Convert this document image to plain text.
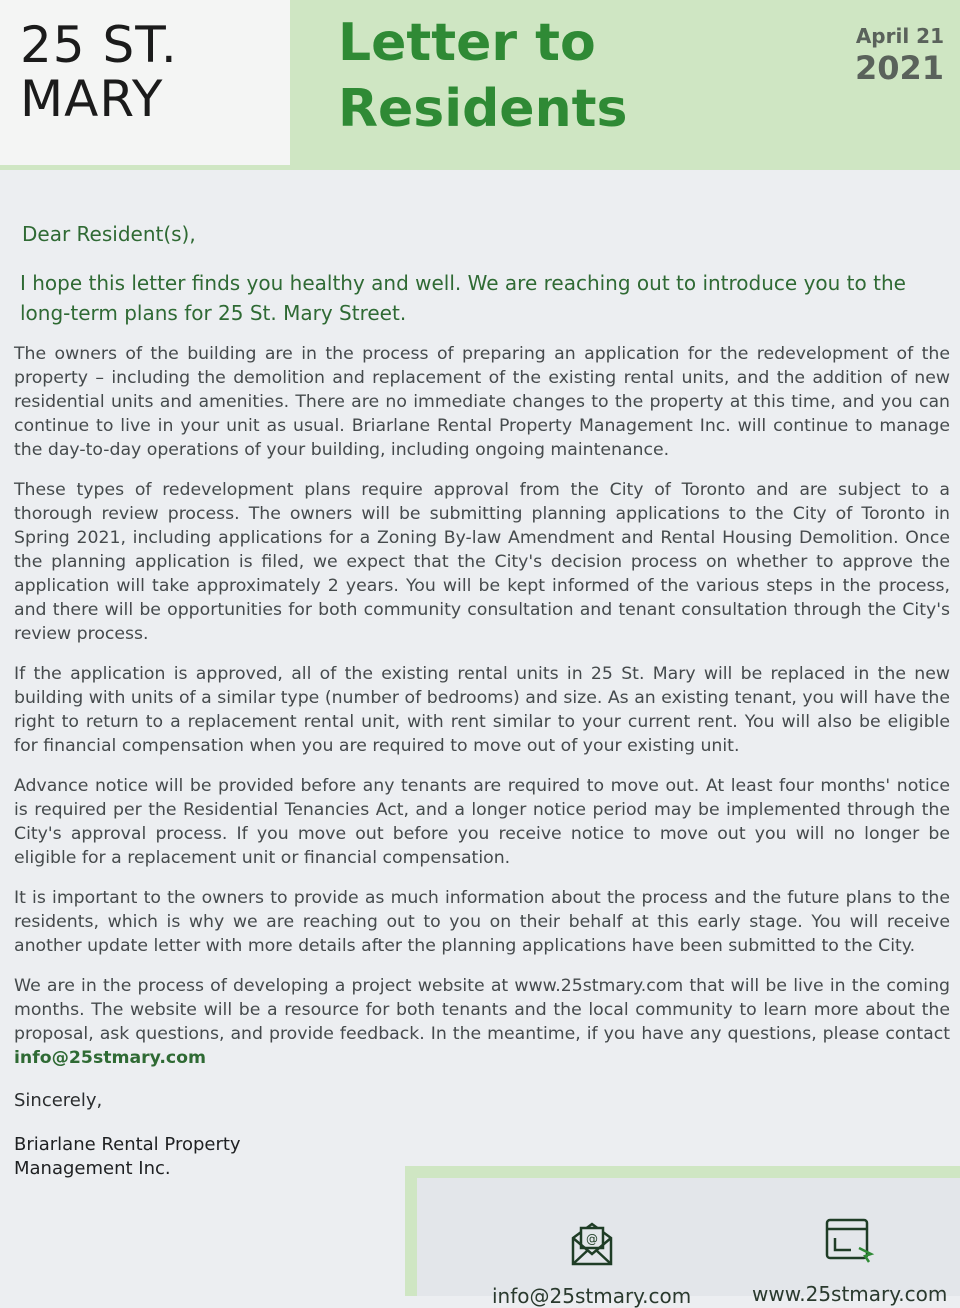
25 ST. MARY
Letter to
Residents
April 21
2021
Dear Resident(s),
I hope this letter finds you healthy and well. We are reaching out to introduce you to the long-term plans for 25 St. Mary Street.

The owners of the building are in the process of preparing an application for the redevelopment of the property – including the demolition and replacement of the existing rental units, and the addition of new residential units and amenities. There are no immediate changes to the property at this time, and you can continue to live in your unit as usual. Briarlane Rental Property Management Inc. will continue to manage the day-to-day operations of your building, including ongoing maintenance.

These types of redevelopment plans require approval from the City of Toronto and are subject to a thorough review process. The owners will be submitting planning applications to the City of Toronto in Spring 2021, including applications for a Zoning By-law Amendment and Rental Housing Demolition. Once the planning application is filed, we expect that the City's decision process on whether to approve the application will take approximately 2 years. You will be kept informed of the various steps in the process, and there will be opportunities for both community consultation and tenant consultation through the City's review process.

If the application is approved, all of the existing rental units in 25 St. Mary will be replaced in the new building with units of a similar type (number of bedrooms) and size. As an existing tenant, you will have the right to return to a replacement rental unit, with rent similar to your current rent. You will also be eligible for financial compensation when you are required to move out of your existing unit.

Advance notice will be provided before any tenants are required to move out. At least four months' notice is required per the Residential Tenancies Act, and a longer notice period may be implemented through the City's approval process. If you move out before you receive notice to move out you will no longer be eligible for a replacement unit or financial compensation.

It is important to the owners to provide as much information about the process and the future plans to the residents, which is why we are reaching out to you on their behalf at this early stage. You will receive another update letter with more details after the planning applications have been submitted to the City.

We are in the process of developing a project website at www.25stmary.com that will be live in the coming months. The website will be a resource for both tenants and the local community to learn more about the proposal, ask questions, and provide feedback. In the meantime, if you have any questions, please contact info@25stmary.com

Sincerely,
Briarlane Rental Property Management Inc.
@
info@25stmary.com	www.25stmary.com
